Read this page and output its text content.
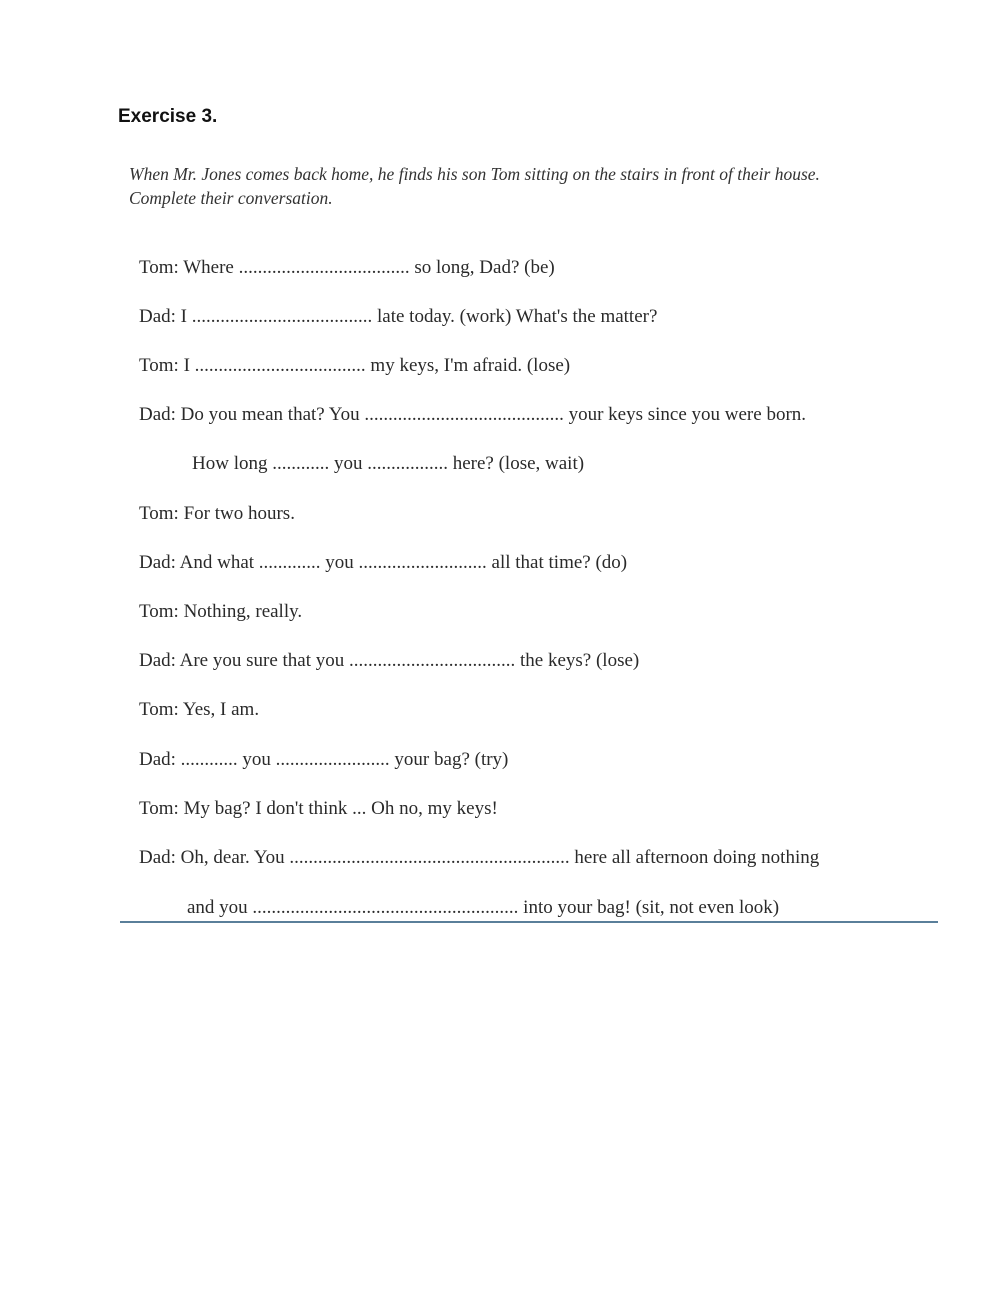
Exercise 3.
When Mr. Jones comes back home, he finds his son Tom sitting on the stairs in front of their house.
Complete their conversation.
Tom: Where .................................... so long, Dad? (be)
Dad: I ...................................... late today. (work) What's the matter?
Tom: I .................................... my keys, I'm afraid. (lose)
Dad: Do you mean that? You .......................................... your keys since you were born.
How long ............ you ................. here? (lose, wait)
Tom: For two hours.
Dad: And what ............. you ........................... all that time? (do)
Tom: Nothing, really.
Dad: Are you sure that you ................................... the keys? (lose)
Tom: Yes, I am.
Dad: ............ you ........................ your bag? (try)
Tom: My bag? I don't think ... Oh no, my keys!
Dad: Oh, dear. You ........................................................... here all afternoon doing nothing
and you ........................................................ into your bag! (sit, not even look)
